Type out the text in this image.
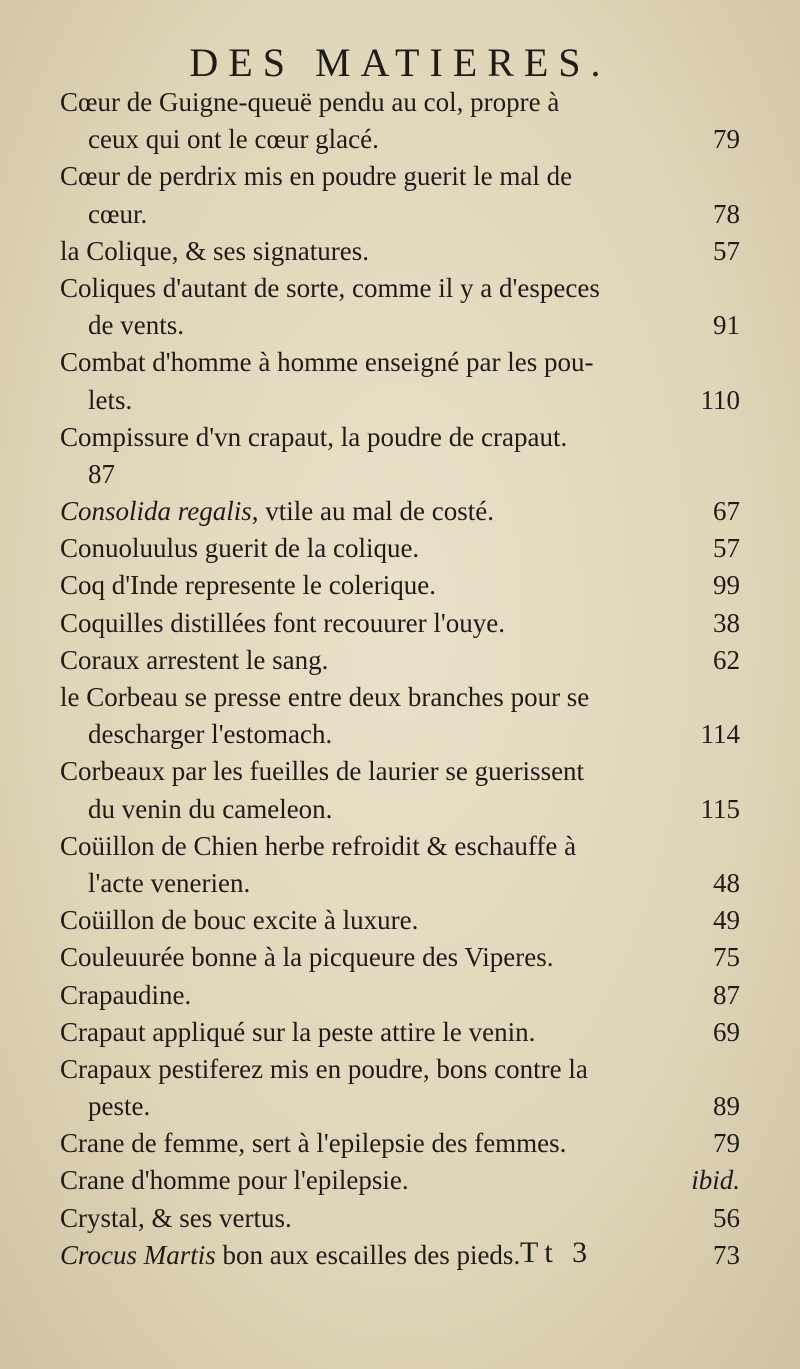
DES MATIERES.
Cœur de Guigne-queuë pendu au col, propre à
ceux qui ont le cœur glacé.	79
Cœur de perdrix mis en poudre guerit le mal de
cœur.	78
la Colique, & ses signatures.	57
Coliques d'autant de sorte, comme il y a d'especes
de vents.	91
Combat d'homme à homme enseigné par les pou-
lets.	110
Compissure d'vn crapaut, la poudre de crapaut.
87
Consolida regalis, vtile au mal de costé.	67
Conuoluulus guerit de la colique.	57
Coq d'Inde represente le colerique.	99
Coquilles distillées font recouurer l'ouye.	38
Coraux arrestent le sang.	62
le Corbeau se presse entre deux branches pour se
descharger l'estomach.	114
Corbeaux par les fueilles de laurier se guerissent
du venin du cameleon.	115
Coüillon de Chien herbe refroidit & eschauffe à
l'acte venerien.	48
Coüillon de bouc excite à luxure.	49
Couleuurée bonne à la picqueure des Viperes.	75
Crapaudine.	87
Crapaut appliqué sur la peste attire le venin.	69
Crapaux pestiferez mis en poudre, bons contre la
peste.	89
Crane de femme, sert à l'epilepsie des femmes.	79
Crane d'homme pour l'epilepsie.	ibid.
Crystal, & ses vertus.	56
Crocus Martis bon aux escailles des pieds.	73
Tt 3
